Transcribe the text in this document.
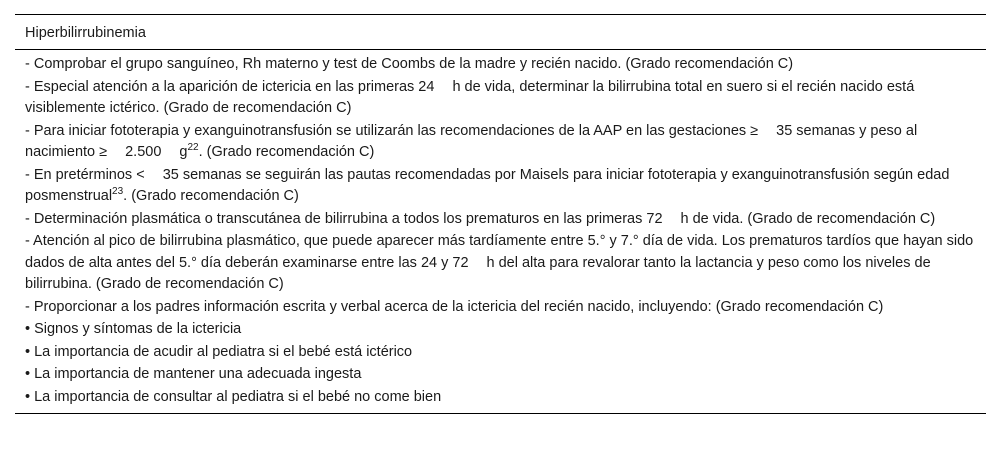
Hiperbilirrubinemia

- Comprobar el grupo sanguíneo, Rh materno y test de Coombs de la madre y recién nacido. (Grado recomendación C)

- Especial atención a la aparición de ictericia en las primeras 24 h de vida, determinar la bilirrubina total en suero si el recién nacido está visiblemente ictérico. (Grado de recomendación C)

- Para iniciar fototerapia y exanguinotransfusión se utilizarán las recomendaciones de la AAP en las gestaciones ≥ 35 semanas y peso al nacimiento ≥ 2.500 $g^{22}$. (Grado recomendación C)

- En pretérminos < 35 semanas se seguirán las pautas recomendadas por Maisels para iniciar fototerapia y exanguinotransfusión según edad posmenstrual$^{23}$. (Grado recomendación C)

- Determinación plasmática o transcutánea de bilirrubina a todos los prematuros en las primeras 72 h de vida. (Grado de recomendación C)

- Atención al pico de bilirrubina plasmático, que puede aparecer más tardíamente entre 5.° y 7.° día de vida. Los prematuros tardíos que hayan sido dados de alta antes del 5.° día deberán examinarse entre las 24 y 72 h del alta para revalorar tanto la lactancia y peso como los niveles de bilirrubina. (Grado de recomendación C)

- Proporcionar a los padres información escrita y verbal acerca de la ictericia del recién nacido, incluyendo: (Grado recomendación C)

• Signos y síntomas de la ictericia

• La importancia de acudir al pediatra si el bebé está ictérico

• La importancia de mantener una adecuada ingesta

• La importancia de consultar al pediatra si el bebé no come bien
